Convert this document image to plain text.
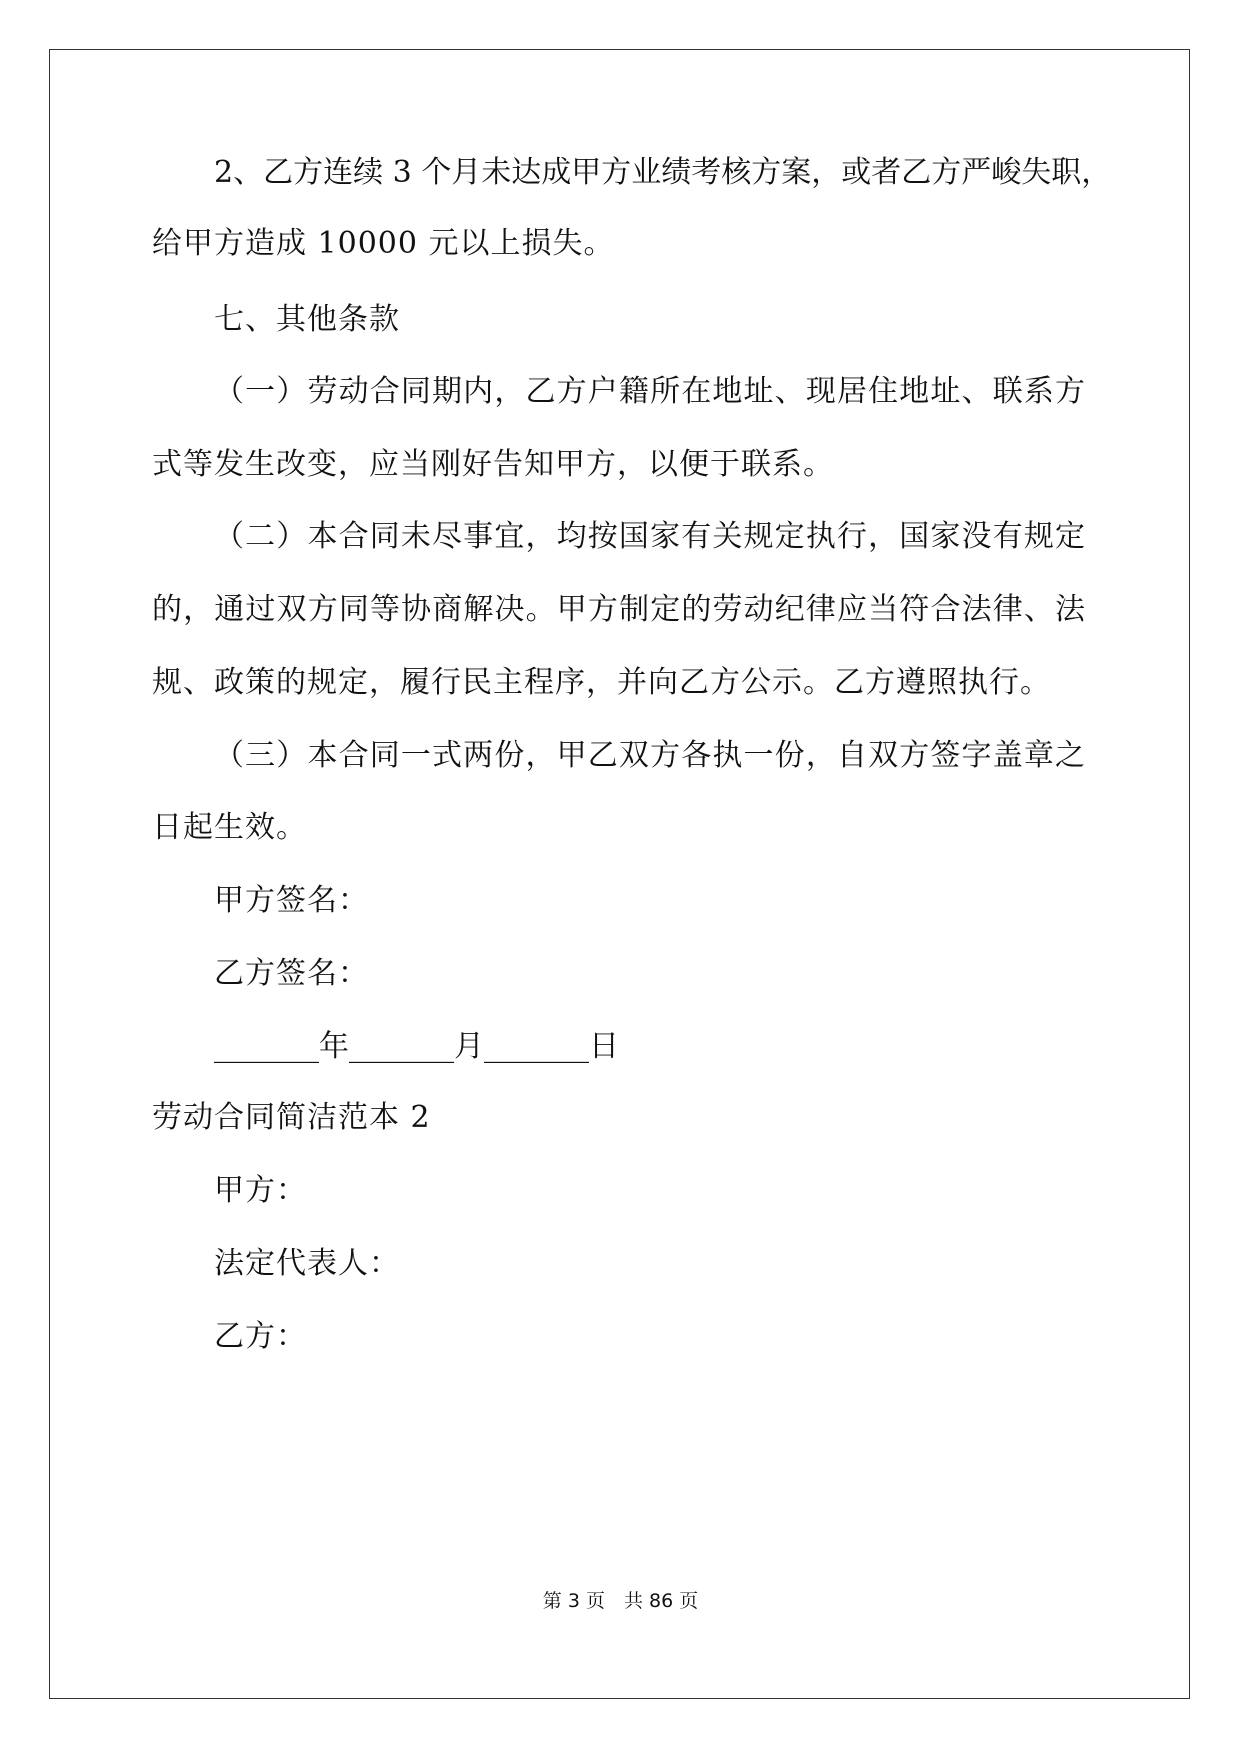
2、乙方连续 3 个月未达成甲方业绩考核方案，或者乙方严峻失职，
给甲方造成 10000 元以上损失。
七、其他条款
（一）劳动合同期内，乙方户籍所在地址、现居住地址、联系方
式等发生改变，应当刚好告知甲方，以便于联系。
（二）本合同未尽事宜，均按国家有关规定执行，国家没有规定
的，通过双方同等协商解决。甲方制定的劳动纪律应当符合法律、法
规、政策的规定，履行民主程序，并向乙方公示。乙方遵照执行。
（三）本合同一式两份，甲乙双方各执一份，自双方签字盖章之
日起生效。
甲方签名：
乙方签名：
_______年_______月_______日
劳动合同简洁范本 2
甲方：
法定代表人：
乙方：
第 3 页　共 86 页
